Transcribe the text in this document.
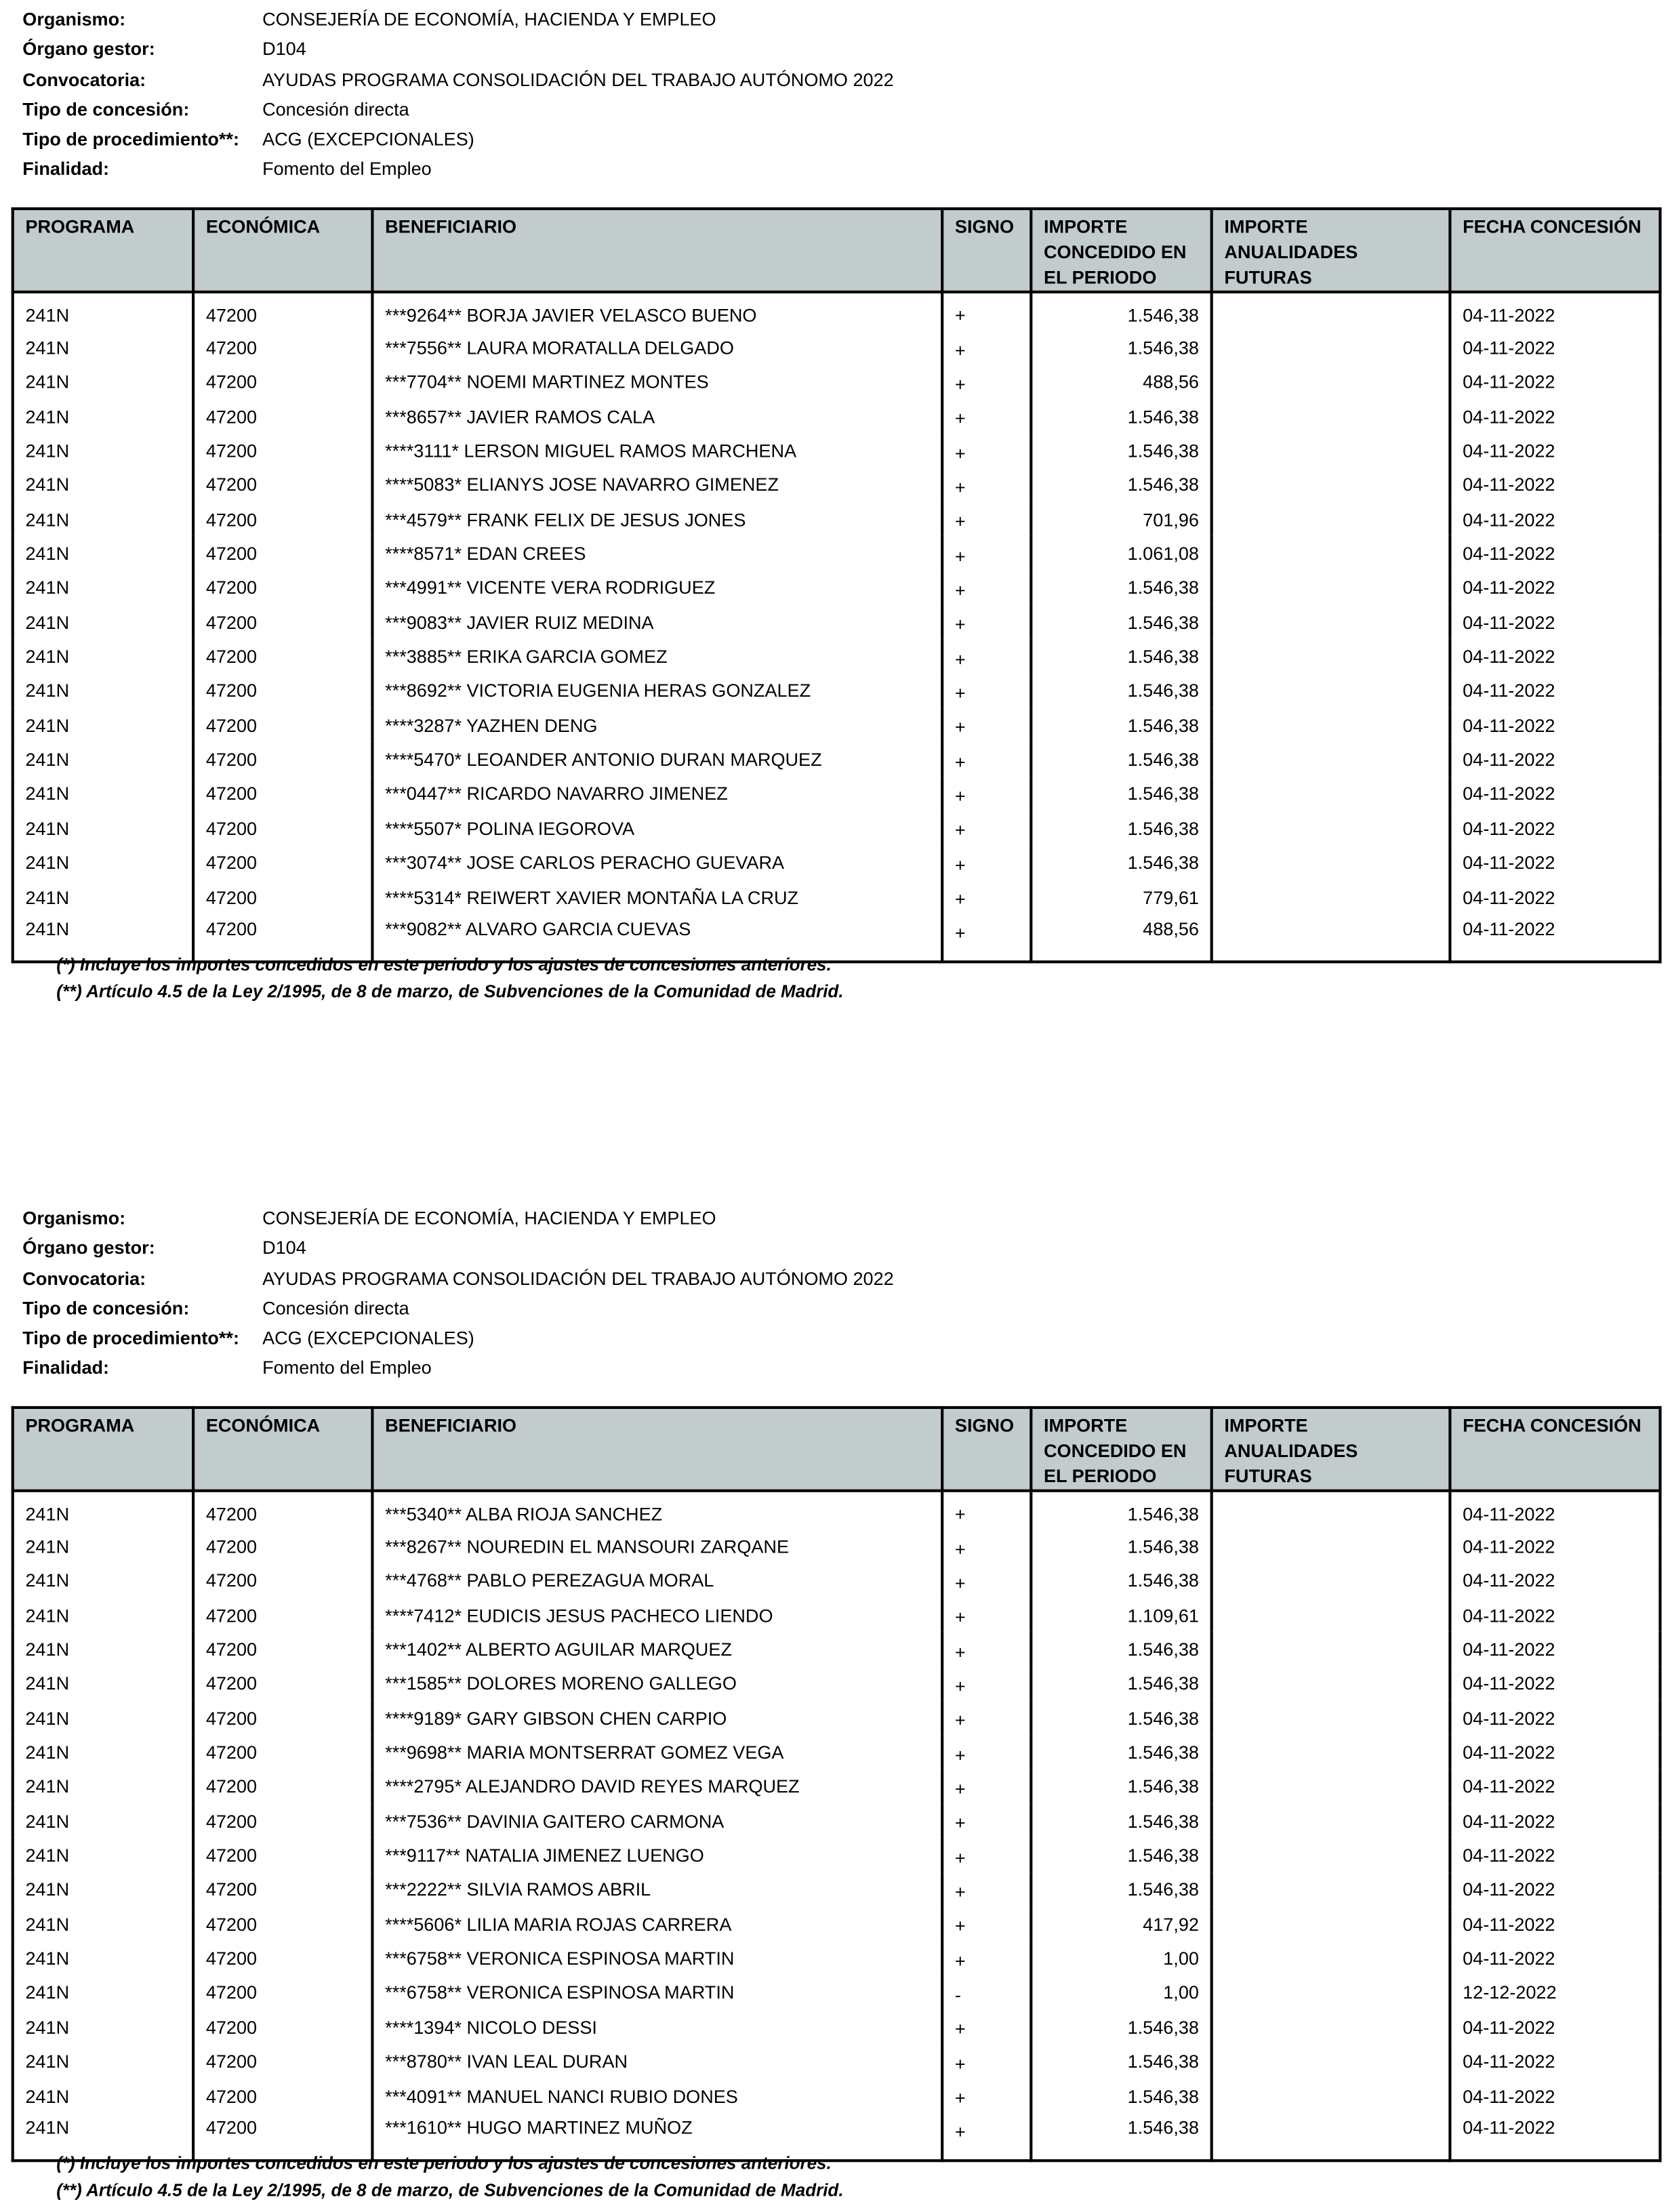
Organismo:	CONSEJERÍA DE ECONOMÍA, HACIENDA Y EMPLEO
Órgano gestor:	D104
Convocatoria:	AYUDAS PROGRAMA CONSOLIDACIÓN DEL TRABAJO AUTÓNOMO 2022
Tipo de concesión:	Concesión directa
Tipo de procedimiento**:	ACG (EXCEPCIONALES)
Finalidad:	Fomento del Empleo
PROGRAMA	ECONÓMICA	BENEFICIARIO	SIGNO	IMPORTE CONCEDIDO EN EL PERIODO	IMPORTE ANUALIDADES FUTURAS	FECHA CONCESIÓN
241N	47200	***9264** BORJA JAVIER VELASCO BUENO	+	1.546,38		04-11-2022
241N	47200	***7556** LAURA MORATALLA DELGADO	+	1.546,38		04-11-2022
241N	47200	***7704** NOEMI MARTINEZ MONTES	+	488,56		04-11-2022
241N	47200	***8657** JAVIER RAMOS CALA	+	1.546,38		04-11-2022
241N	47200	****3111* LERSON MIGUEL RAMOS MARCHENA	+	1.546,38		04-11-2022
241N	47200	****5083* ELIANYS JOSE NAVARRO GIMENEZ	+	1.546,38		04-11-2022
241N	47200	***4579** FRANK FELIX DE JESUS JONES	+	701,96		04-11-2022
241N	47200	****8571* EDAN CREES	+	1.061,08		04-11-2022
241N	47200	***4991** VICENTE VERA RODRIGUEZ	+	1.546,38		04-11-2022
241N	47200	***9083** JAVIER RUIZ MEDINA	+	1.546,38		04-11-2022
241N	47200	***3885** ERIKA GARCIA GOMEZ	+	1.546,38		04-11-2022
241N	47200	***8692** VICTORIA EUGENIA HERAS GONZALEZ	+	1.546,38		04-11-2022
241N	47200	****3287* YAZHEN DENG	+	1.546,38		04-11-2022
241N	47200	****5470* LEOANDER ANTONIO DURAN MARQUEZ	+	1.546,38		04-11-2022
241N	47200	***0447** RICARDO NAVARRO JIMENEZ	+	1.546,38		04-11-2022
241N	47200	****5507* POLINA IEGOROVA	+	1.546,38		04-11-2022
241N	47200	***3074** JOSE CARLOS PERACHO GUEVARA	+	1.546,38		04-11-2022
241N	47200	****5314* REIWERT XAVIER MONTAÑA LA CRUZ	+	779,61		04-11-2022
241N	47200	***9082** ALVARO GARCIA CUEVAS	+	488,56		04-11-2022
(*) Incluye los importes concedidos en este periodo y los ajustes de concesiones anteriores.
(**) Artículo 4.5 de la Ley 2/1995, de 8 de marzo, de Subvenciones de la Comunidad de Madrid.
Organismo:	CONSEJERÍA DE ECONOMÍA, HACIENDA Y EMPLEO
Órgano gestor:	D104
Convocatoria:	AYUDAS PROGRAMA CONSOLIDACIÓN DEL TRABAJO AUTÓNOMO 2022
Tipo de concesión:	Concesión directa
Tipo de procedimiento**:	ACG (EXCEPCIONALES)
Finalidad:	Fomento del Empleo
PROGRAMA	ECONÓMICA	BENEFICIARIO	SIGNO	IMPORTE CONCEDIDO EN EL PERIODO	IMPORTE ANUALIDADES FUTURAS	FECHA CONCESIÓN
241N	47200	***5340** ALBA RIOJA SANCHEZ	+	1.546,38		04-11-2022
241N	47200	***8267** NOUREDIN EL MANSOURI ZARQANE	+	1.546,38		04-11-2022
241N	47200	***4768** PABLO PEREZAGUA MORAL	+	1.546,38		04-11-2022
241N	47200	****7412* EUDICIS JESUS PACHECO LIENDO	+	1.109,61		04-11-2022
241N	47200	***1402** ALBERTO AGUILAR MARQUEZ	+	1.546,38		04-11-2022
241N	47200	***1585** DOLORES MORENO GALLEGO	+	1.546,38		04-11-2022
241N	47200	****9189* GARY GIBSON CHEN CARPIO	+	1.546,38		04-11-2022
241N	47200	***9698** MARIA MONTSERRAT GOMEZ VEGA	+	1.546,38		04-11-2022
241N	47200	****2795* ALEJANDRO DAVID REYES MARQUEZ	+	1.546,38		04-11-2022
241N	47200	***7536** DAVINIA GAITERO CARMONA	+	1.546,38		04-11-2022
241N	47200	***9117** NATALIA JIMENEZ LUENGO	+	1.546,38		04-11-2022
241N	47200	***2222** SILVIA RAMOS ABRIL	+	1.546,38		04-11-2022
241N	47200	****5606* LILIA MARIA ROJAS CARRERA	+	417,92		04-11-2022
241N	47200	***6758** VERONICA ESPINOSA MARTIN	+	1,00		04-11-2022
241N	47200	***6758** VERONICA ESPINOSA MARTIN	-	1,00		12-12-2022
241N	47200	****1394* NICOLO DESSI	+	1.546,38		04-11-2022
241N	47200	***8780** IVAN LEAL DURAN	+	1.546,38		04-11-2022
241N	47200	***4091** MANUEL NANCI RUBIO DONES	+	1.546,38		04-11-2022
241N	47200	***1610** HUGO MARTINEZ MUÑOZ	+	1.546,38		04-11-2022
(*) Incluye los importes concedidos en este periodo y los ajustes de concesiones anteriores.
(**) Artículo 4.5 de la Ley 2/1995, de 8 de marzo, de Subvenciones de la Comunidad de Madrid.
